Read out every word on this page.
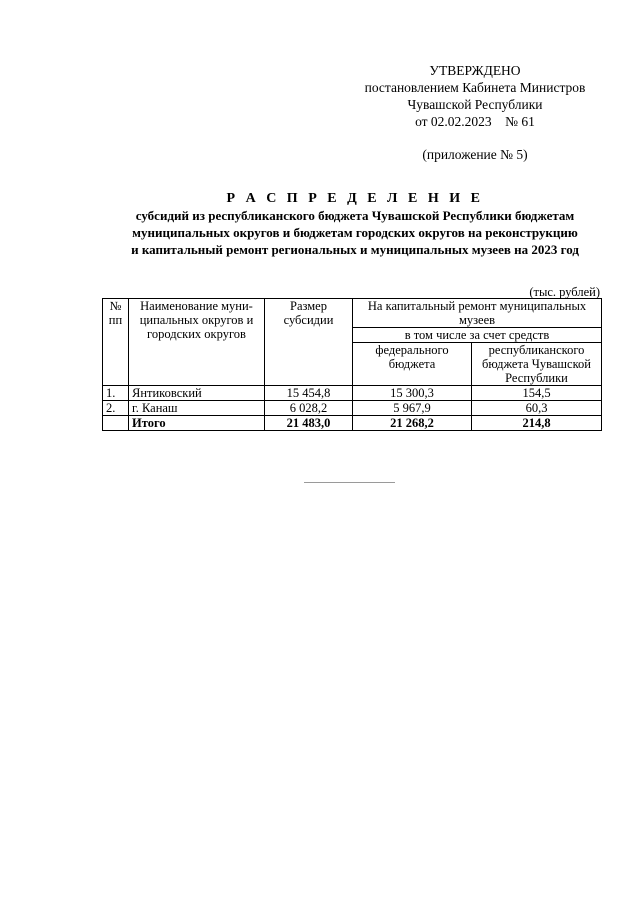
УТВЕРЖДЕНО
постановлением Кабинета Министров
Чувашской Республики
от 02.02.2023    № 61
(приложение № 5)
Р А С П Р Е Д Е Л Е Н И Е
субсидий из республиканского бюджета Чувашской Республики бюджетам
муниципальных округов и бюджетам городских округов на реконструкцию
и капитальный ремонт региональных и муниципальных музеев на 2023 год
(тыс. рублей)
№ пп	Наименование муни-ципальных округов и городских округов	Размер субсидии	На капитальный ремонт муниципальных музеев	
			в том числе за счет средств	
			федерального бюджета	республиканского бюджета Чувашской Республики
1.	Янтиковский	15 454,8	15 300,3	154,5
2.	г. Канаш	6 028,2	5 967,9	60,3
	Итого	21 483,0	21 268,2	214,8
